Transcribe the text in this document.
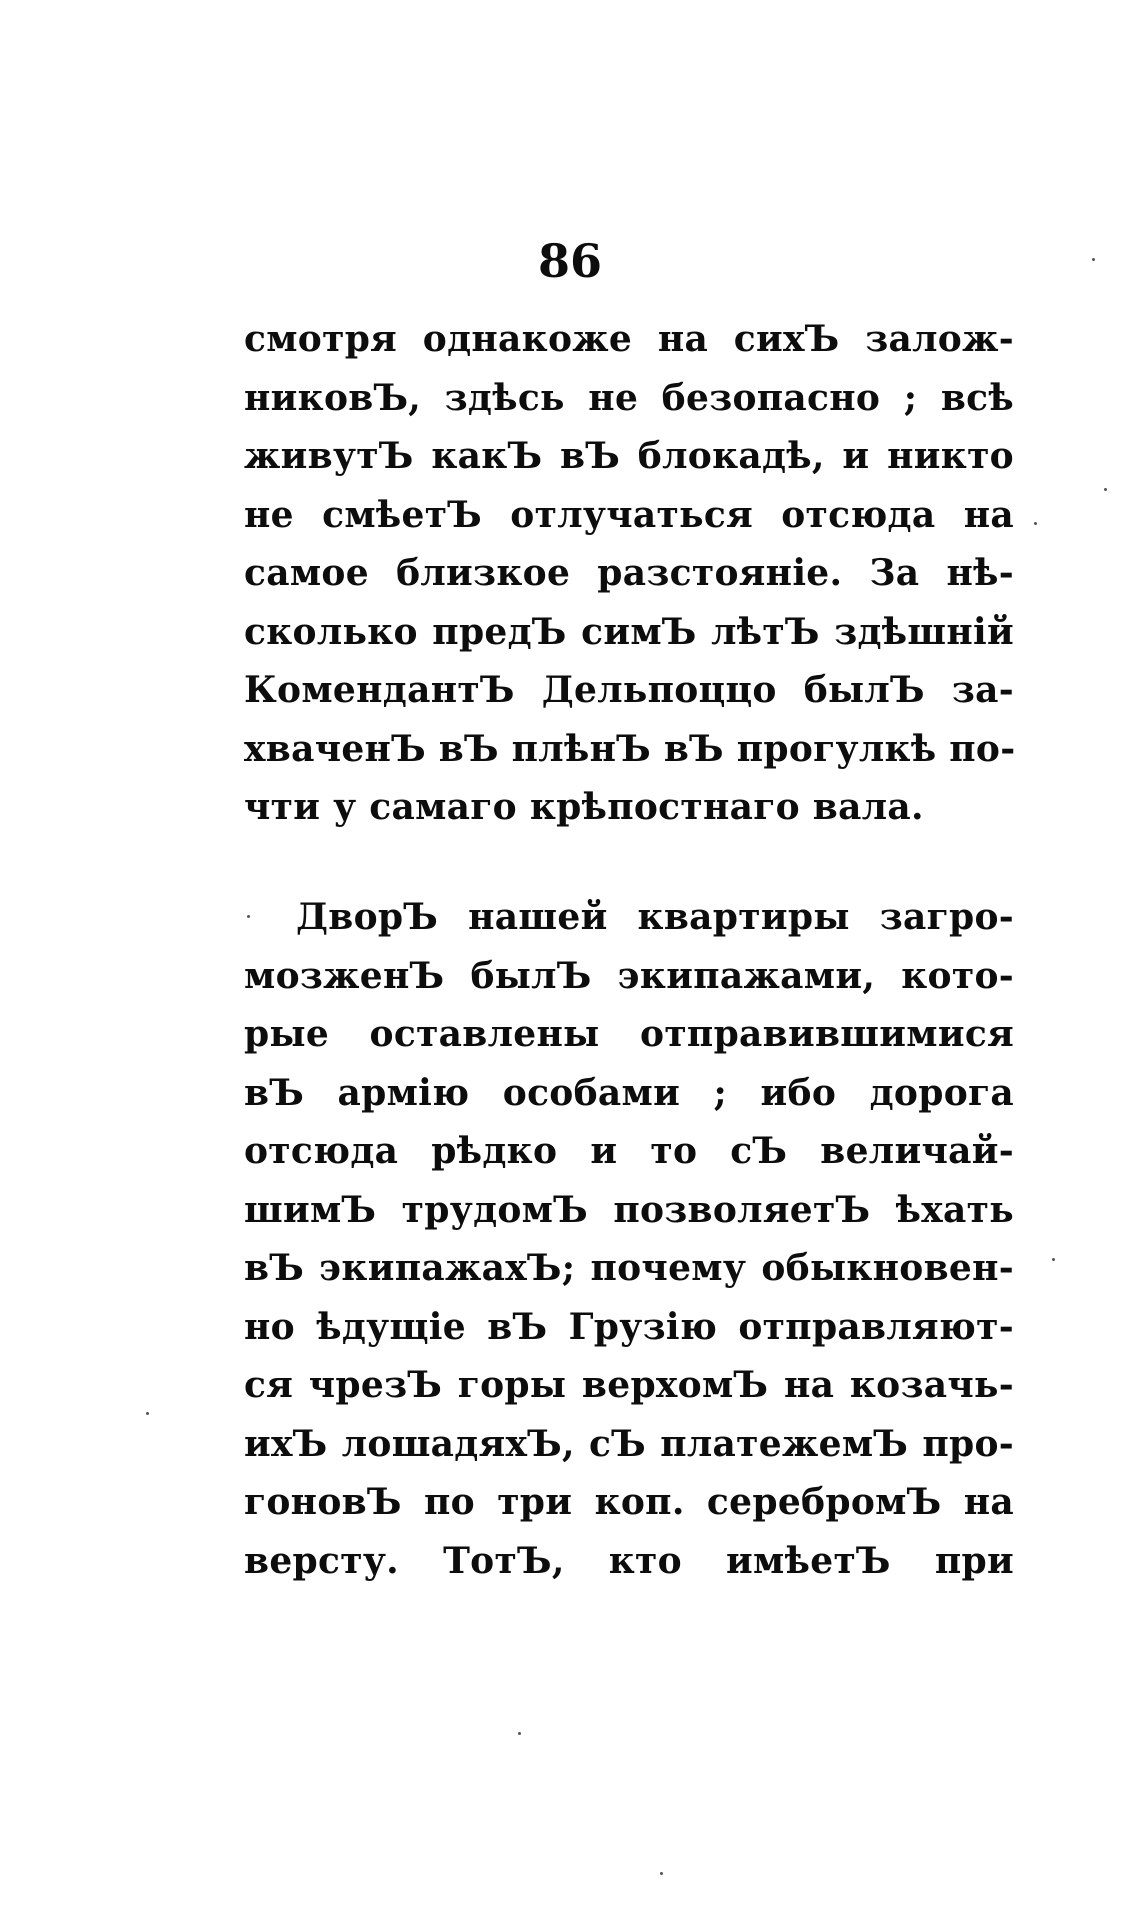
86
смотря однакоже на сихЪ залож-
никовЪ, здѣсь не безопасно ; всѣ
живутЪ какЪ вЪ блокадѣ, и никто
не смѣетЪ отлучаться отсюда на
самое близкое разстояніе. За нѣ-
сколько предЪ симЪ лѣтЪ здѣшній
КомендантЪ Дельпоццо былЪ за-
хваченЪ вЪ плѣнЪ вЪ прогулкѣ по-
чти у самаго крѣпостнаго вала.
ДворЪ нашей квартиры загро-
мозженЪ былЪ экипажами, кото-
рые оставлены отправившимися
вЪ армію особами ; ибо дорога
отсюда рѣдко и то сЪ величай-
шимЪ трудомЪ позволяетЪ ѣхать
вЪ экипажахЪ; почему обыкновен-
но ѣдущіе вЪ Грузію отправляют-
ся чрезЪ горы верхомЪ на козачь-
ихЪ лошадяхЪ, сЪ платежемЪ про-
гоновЪ по три коп. серебромЪ на
версту. ТотЪ, кто имѣетЪ при
